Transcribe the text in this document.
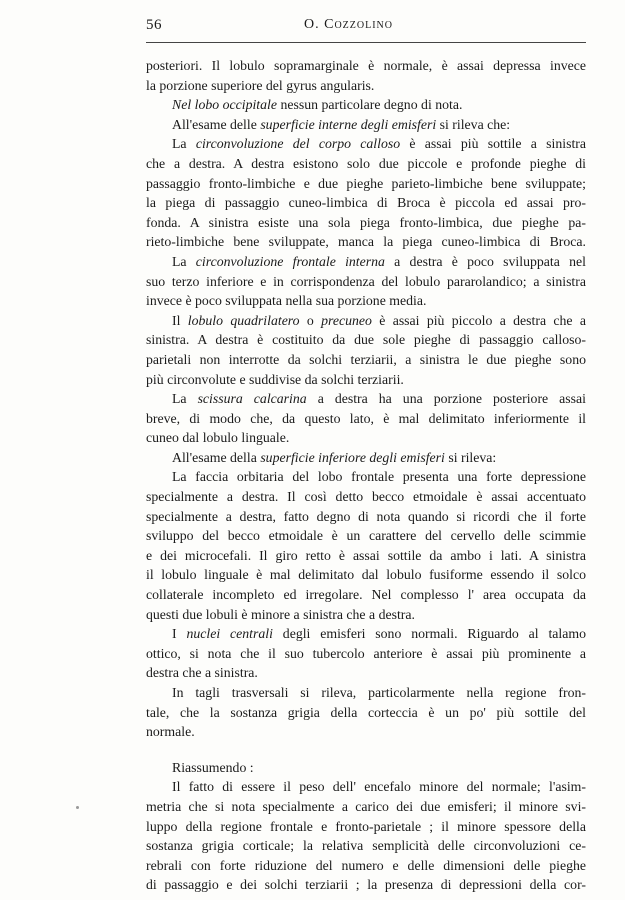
56	O. Cozzolino
posteriori. Il lobulo sopramarginale è normale, è assai depressa invece
la porzione superiore del gyrus angularis.
Nel lobo occipitale nessun particolare degno di nota.
All'esame delle superficie interne degli emisferi si rileva che:
La circonvoluzione del corpo calloso è assai più sottile a sinistra
che a destra. A destra esistono solo due piccole e profonde pieghe di
passaggio fronto-limbiche e due pieghe parieto-limbiche bene sviluppate;
la piega di passaggio cuneo-limbica di Broca è piccola ed assai pro-
fonda. A sinistra esiste una sola piega fronto-limbica, due pieghe pa-
rieto-limbiche bene sviluppate, manca la piega cuneo-limbica di Broca.
La circonvoluzione frontale interna a destra è poco sviluppata nel
suo terzo inferiore e in corrispondenza del lobulo pararolandico; a sinistra
invece è poco sviluppata nella sua porzione media.
Il lobulo quadrilatero o precuneo è assai più piccolo a destra che a
sinistra. A destra è costituito da due sole pieghe di passaggio calloso-
parietali non interrotte da solchi terziarii, a sinistra le due pieghe sono
più circonvolute e suddivise da solchi terziarii.
La scissura calcarina a destra ha una porzione posteriore assai
breve, di modo che, da questo lato, è mal delimitato inferiormente il
cuneo dal lobulo linguale.
All'esame della superficie inferiore degli emisferi si rileva:
La faccia orbitaria del lobo frontale presenta una forte depressione
specialmente a destra. Il così detto becco etmoidale è assai accentuato
specialmente a destra, fatto degno di nota quando si ricordi che il forte
sviluppo del becco etmoidale è un carattere del cervello delle scimmie
e dei microcefali. Il giro retto è assai sottile da ambo i lati. A sinistra
il lobulo linguale è mal delimitato dal lobulo fusiforme essendo il solco
collaterale incompleto ed irregolare. Nel complesso l' area occupata da
questi due lobuli è minore a sinistra che a destra.
I nuclei centrali degli emisferi sono normali. Riguardo al talamo
ottico, si nota che il suo tubercolo anteriore è assai più prominente a
destra che a sinistra.
In tagli trasversali si rileva, particolarmente nella regione fron-
tale, che la sostanza grigia della corteccia è un po' più sottile del
normale.
Riassumendo :
Il fatto di essere il peso dell' encefalo minore del normale; l'asim-
metria che si nota specialmente a carico dei due emisferi; il minore svi-
luppo della regione frontale e fronto-parietale ; il minore spessore della
sostanza grigia corticale; la relativa semplicità delle circonvoluzioni ce-
rebrali con forte riduzione del numero e delle dimensioni delle pieghe
di passaggio e dei solchi terziarii ; la presenza di depressioni della cor-
